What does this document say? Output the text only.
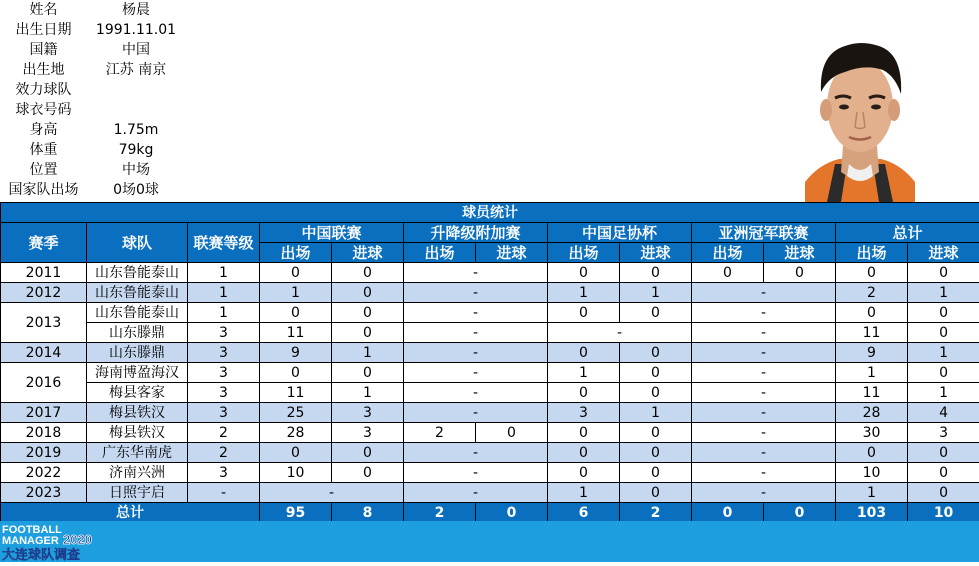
姓名	杨晨
出生日期	1991.11.01
国籍	中国
出生地	江苏 南京
效力球队
球衣号码
身高	1.75m
体重	79kg
位置	中场
国家队出场	0场0球
球员统计												
赛季	球队	联赛等级	中国联赛		升降级附加赛		中国足协杯		亚洲冠军联赛		总计	
			出场	进球	出场	进球	出场	进球	出场	进球	出场	进球
2011	山东鲁能泰山	1	0	0	-		0	0	0	0	0	0
2012	山东鲁能泰山	1	1	0	-		1	1	-		2	1
2013	山东鲁能泰山	1	0	0	-		0	0	-		0	0
	山东滕鼎	3	11	0	-		-		-		11	0
2014	山东滕鼎	3	9	1	-		0	0	-		9	1
2016	海南博盈海汉	3	0	0	-		1	0	-		1	0
	梅县客家	3	11	1	-		0	0	-		11	1
2017	梅县铁汉	3	25	3	-		3	1	-		28	4
2018	梅县铁汉	2	28	3	2	0	0	0	-		30	3
2019	广东华南虎	2	0	0	-		0	0	-		0	0
2022	济南兴洲	3	10	0	-		0	0	-		10	0
2023	日照宇启	-	-		-		1	0	-		1	0
总计			95	8	2	0	6	2	0	0	103	10
FOOTBALL
MANAGER 2020
大连球队调查
